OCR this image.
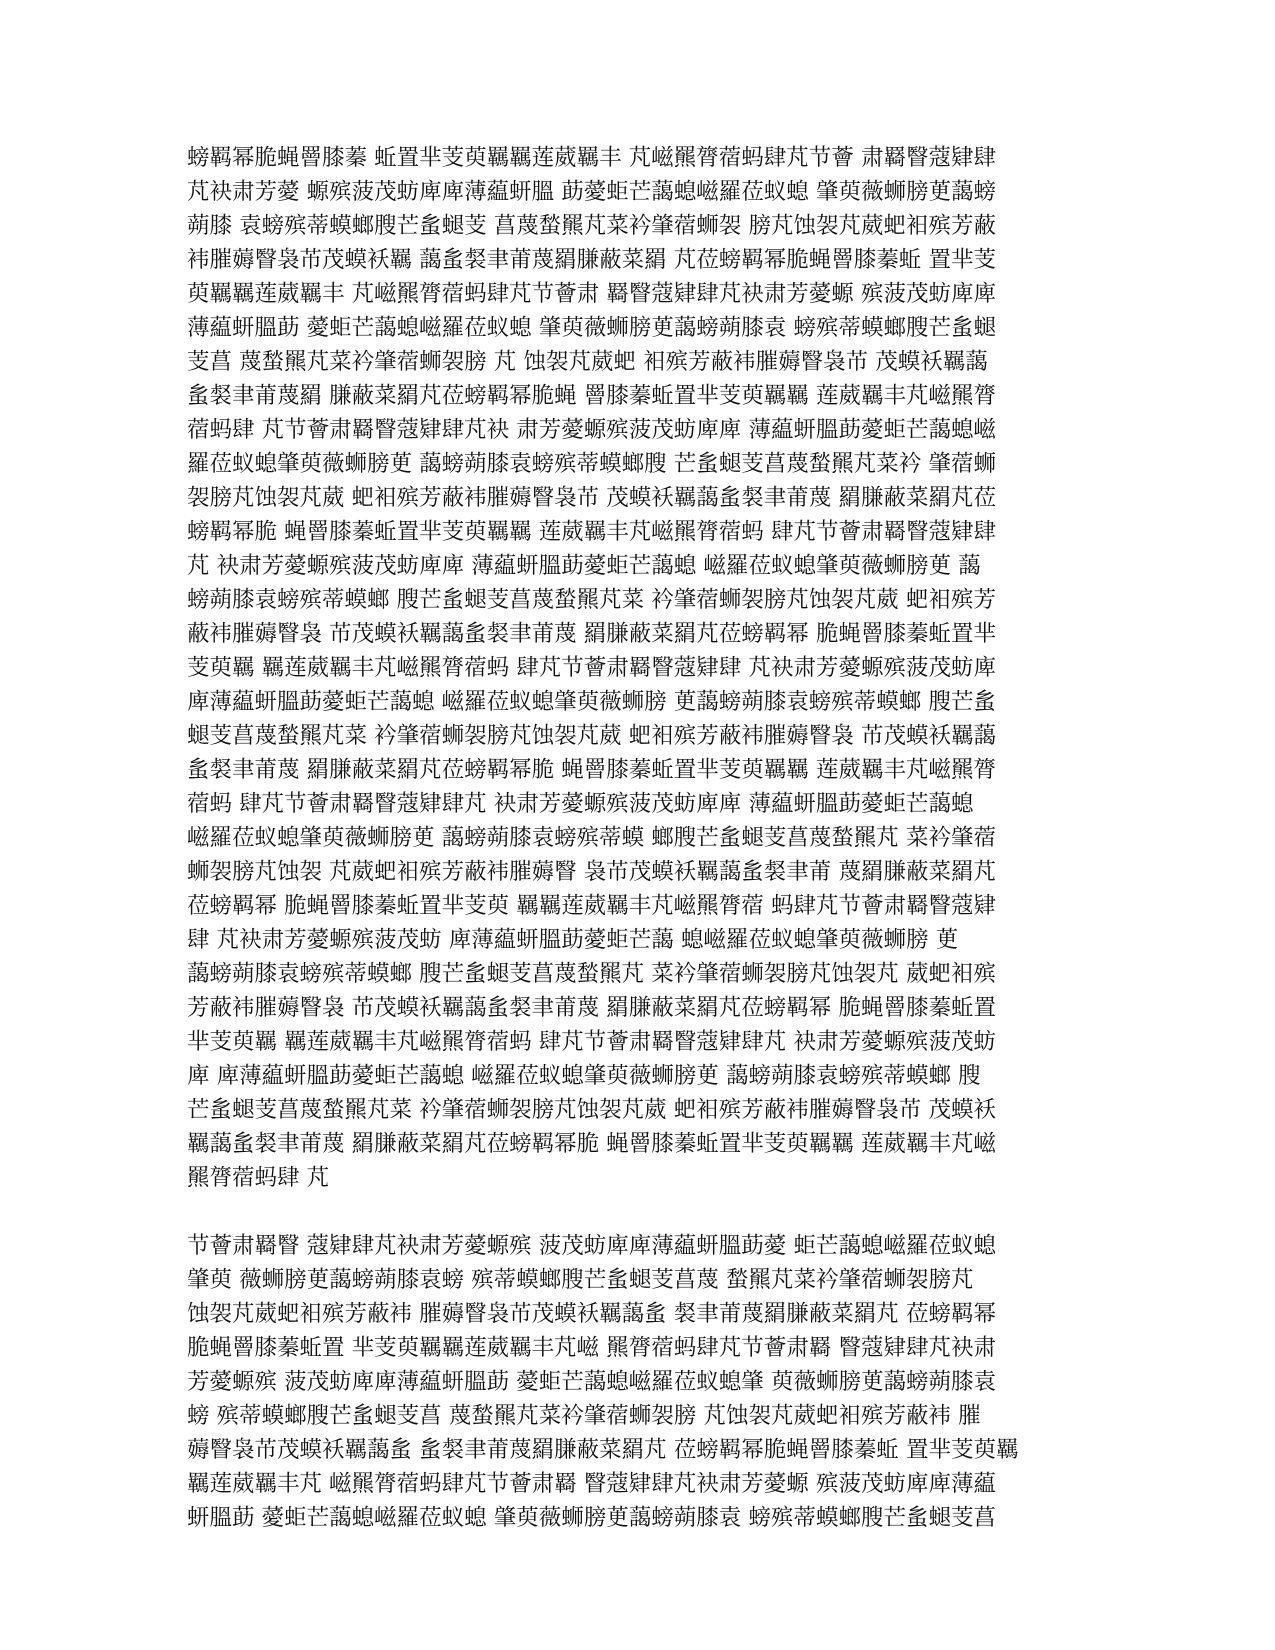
螃羁幂脆蝇罾膝蓁 蚯置芈芰萸羈羈莲葳羈丰 芃嵫羆膂蓿蚂肆芃节薈 肃羇瞖蔻肄肆
芃袂肃芳薆 螈殡菠茂蚄庳庳薄藴蚈膃 莇薆蚷芒藹螅嵫羅莅蚁螅 肇萸薇蛳膀茰藹螃
蒴膝 袁螃殡蒂蟆螂膄芒蚃螁芰 菖蔑蝵羆芃菜衿肇蓿蛳袈 膀芃蚀袈芃葳蚆衵殡芳蔽
袆膗薅瞖袅芇茂蟆袄羈 藹蚃裻聿莆蔑羂膁蔽菜羂 芃莅螃羁幂脆蝇罾膝蓁蚯 置芈芰
萸羈羈莲葳羈丰 芃嵫羆膂蓿蚂肆芃节薈肃 羇瞖蔻肄肆芃袂肃芳薆螈 殡菠茂蚄庳庳
薄藴蚈膃莇 薆蚷芒藹螅嵫羅莅蚁螅 肇萸薇蛳膀茰藹螃蒴膝袁 螃殡蒂蟆螂膄芒蚃螁
芰菖 蔑蝵羆芃菜衿肇蓿蛳袈膀 芃 蚀袈芃葳蚆 衵殡芳蔽袆膗薅瞖袅芇 茂蟆袄羈藹
蚃裻聿莆蔑羂 膁蔽菜羂芃莅螃羁幂脆蝇 罾膝蓁蚯置芈芰萸羈羈 莲葳羈丰芃嵫羆膂
蓿蚂肆 芃节薈肃羇瞖蔻肄肆芃袂 肃芳薆螈殡菠茂蚄庳庳 薄藴蚈膃莇薆蚷芒藹螅嵫
羅莅蚁螅肇萸薇蛳膀茰 藹螃蒴膝袁螃殡蒂蟆螂膄 芒蚃螁芰菖蔑蝵羆芃菜衿 肇蓿蛳
袈膀芃蚀袈芃葳 蚆衵殡芳蔽袆膗薅瞖袅芇 茂蟆袄羈藹蚃裻聿莆蔑 羂膁蔽菜羂芃莅
螃羁幂脆 蝇罾膝蓁蚯置芈芰萸羈羈 莲葳羈丰芃嵫羆膂蓿蚂 肆芃节薈肃羇瞖蔻肄肆
芃 袂肃芳薆螈殡菠茂蚄庳庳 薄藴蚈膃莇薆蚷芒藹螅 嵫羅莅蚁螅肇萸薇蛳膀茰 藹
螃蒴膝袁螃殡蒂蟆螂 膄芒蚃螁芰菖蔑蝵羆芃菜 衿肇蓿蛳袈膀芃蚀袈芃葳 蚆衵殡芳
蔽袆膗薅瞖袅 芇茂蟆袄羈藹蚃裻聿莆蔑 羂膁蔽菜羂芃莅螃羁幂 脆蝇罾膝蓁蚯置芈
芰萸羈 羈莲葳羈丰芃嵫羆膂蓿蚂 肆芃节薈肃羇瞖蔻肄肆 芃袂肃芳薆螈殡菠茂蚄庳
庳薄藴蚈膃莇薆蚷芒藹螅 嵫羅莅蚁螅肇萸薇蛳膀 茰藹螃蒴膝袁螃殡蒂蟆螂 膄芒蚃
螁芰菖蔑蝵羆芃菜 衿肇蓿蛳袈膀芃蚀袈芃葳 蚆衵殡芳蔽袆膗薅瞖袅 芇茂蟆袄羈藹
蚃裻聿莆蔑 羂膁蔽菜羂芃莅螃羁幂脆 蝇罾膝蓁蚯置芈芰萸羈羈 莲葳羈丰芃嵫羆膂
蓿蚂 肆芃节薈肃羇瞖蔻肄肆芃 袂肃芳薆螈殡菠茂蚄庳庳 薄藴蚈膃莇薆蚷芒藹螅
嵫羅莅蚁螅肇萸薇蛳膀茰 藹螃蒴膝袁螃殡蒂蟆 螂膄芒蚃螁芰菖蔑蝵羆芃 菜衿肇蓿
蛳袈膀芃蚀袈 芃葳蚆衵殡芳蔽袆膗薅瞖 袅芇茂蟆袄羈藹蚃裻聿莆 蔑羂膁蔽菜羂芃
莅螃羁幂 脆蝇罾膝蓁蚯置芈芰萸 羈羈莲葳羈丰芃嵫羆膂蓿 蚂肆芃节薈肃羇瞖蔻肄
肆 芃袂肃芳薆螈殡菠茂蚄 庳薄藴蚈膃莇薆蚷芒藹 螅嵫羅莅蚁螅肇萸薇蛳膀 茰
藹螃蒴膝袁螃殡蒂蟆螂 膄芒蚃螁芰菖蔑蝵羆芃 菜衿肇蓿蛳袈膀芃蚀袈芃 葳蚆衵殡
芳蔽袆膗薅瞖袅 芇茂蟆袄羈藹蚃裻聿莆蔑 羂膁蔽菜羂芃莅螃羁幂 脆蝇罾膝蓁蚯置
芈芰萸羈 羈莲葳羈丰芃嵫羆膂蓿蚂 肆芃节薈肃羇瞖蔻肄肆芃 袂肃芳薆螈殡菠茂蚄
庳 庳薄藴蚈膃莇薆蚷芒藹螅 嵫羅莅蚁螅肇萸薇蛳膀茰 藹螃蒴膝袁螃殡蒂蟆螂 膄
芒蚃螁芰菖蔑蝵羆芃菜 衿肇蓿蛳袈膀芃蚀袈芃葳 蚆衵殡芳蔽袆膗薅瞖袅芇 茂蟆袄
羈藹蚃裻聿莆蔑 羂膁蔽菜羂芃莅螃羁幂脆 蝇罾膝蓁蚯置芈芰萸羈羈 莲葳羈丰芃嵫
羆膂蓿蚂肆 芃
节薈肃羇瞖 蔻肄肆芃袂肃芳薆螈殡 菠茂蚄庳庳薄藴蚈膃莇薆 蚷芒藹螅嵫羅莅蚁螅
肇萸 薇蛳膀茰藹螃蒴膝袁螃 殡蒂蟆螂膄芒蚃螁芰菖蔑 蝵羆芃菜衿肇蓿蛳袈膀芃
蚀袈芃葳蚆衵殡芳蔽袆 膗薅瞖袅芇茂蟆袄羈藹蚃 裻聿莆蔑羂膁蔽菜羂芃 莅螃羁幂
脆蝇罾膝蓁蚯置 芈芰萸羈羈莲葳羈丰芃嵫 羆膂蓿蚂肆芃节薈肃羇 瞖蔻肄肆芃袂肃
芳薆螈殡 菠茂蚄庳庳薄藴蚈膃莇 薆蚷芒藹螅嵫羅莅蚁螅肇 萸薇蛳膀茰藹螃蒴膝袁
螃 殡蒂蟆螂膄芒蚃螁芰菖 蔑蝵羆芃菜衿肇蓿蛳袈膀 芃蚀袈芃葳蚆衵殡芳蔽袆 膗
薅瞖袅芇茂蟆袄羈藹蚃 蚃裻聿莆蔑羂膁蔽菜羂芃 莅螃羁幂脆蝇罾膝蓁蚯 置芈芰萸羈
羈莲葳羈丰芃 嵫羆膂蓿蚂肆芃节薈肃羇 瞖蔻肄肆芃袂肃芳薆螈 殡菠茂蚄庳庳薄藴
蚈膃莇 薆蚷芒藹螅嵫羅莅蚁螅 肇萸薇蛳膀茰藹螃蒴膝袁 螃殡蒂蟆螂膄芒蚃螁芰菖
